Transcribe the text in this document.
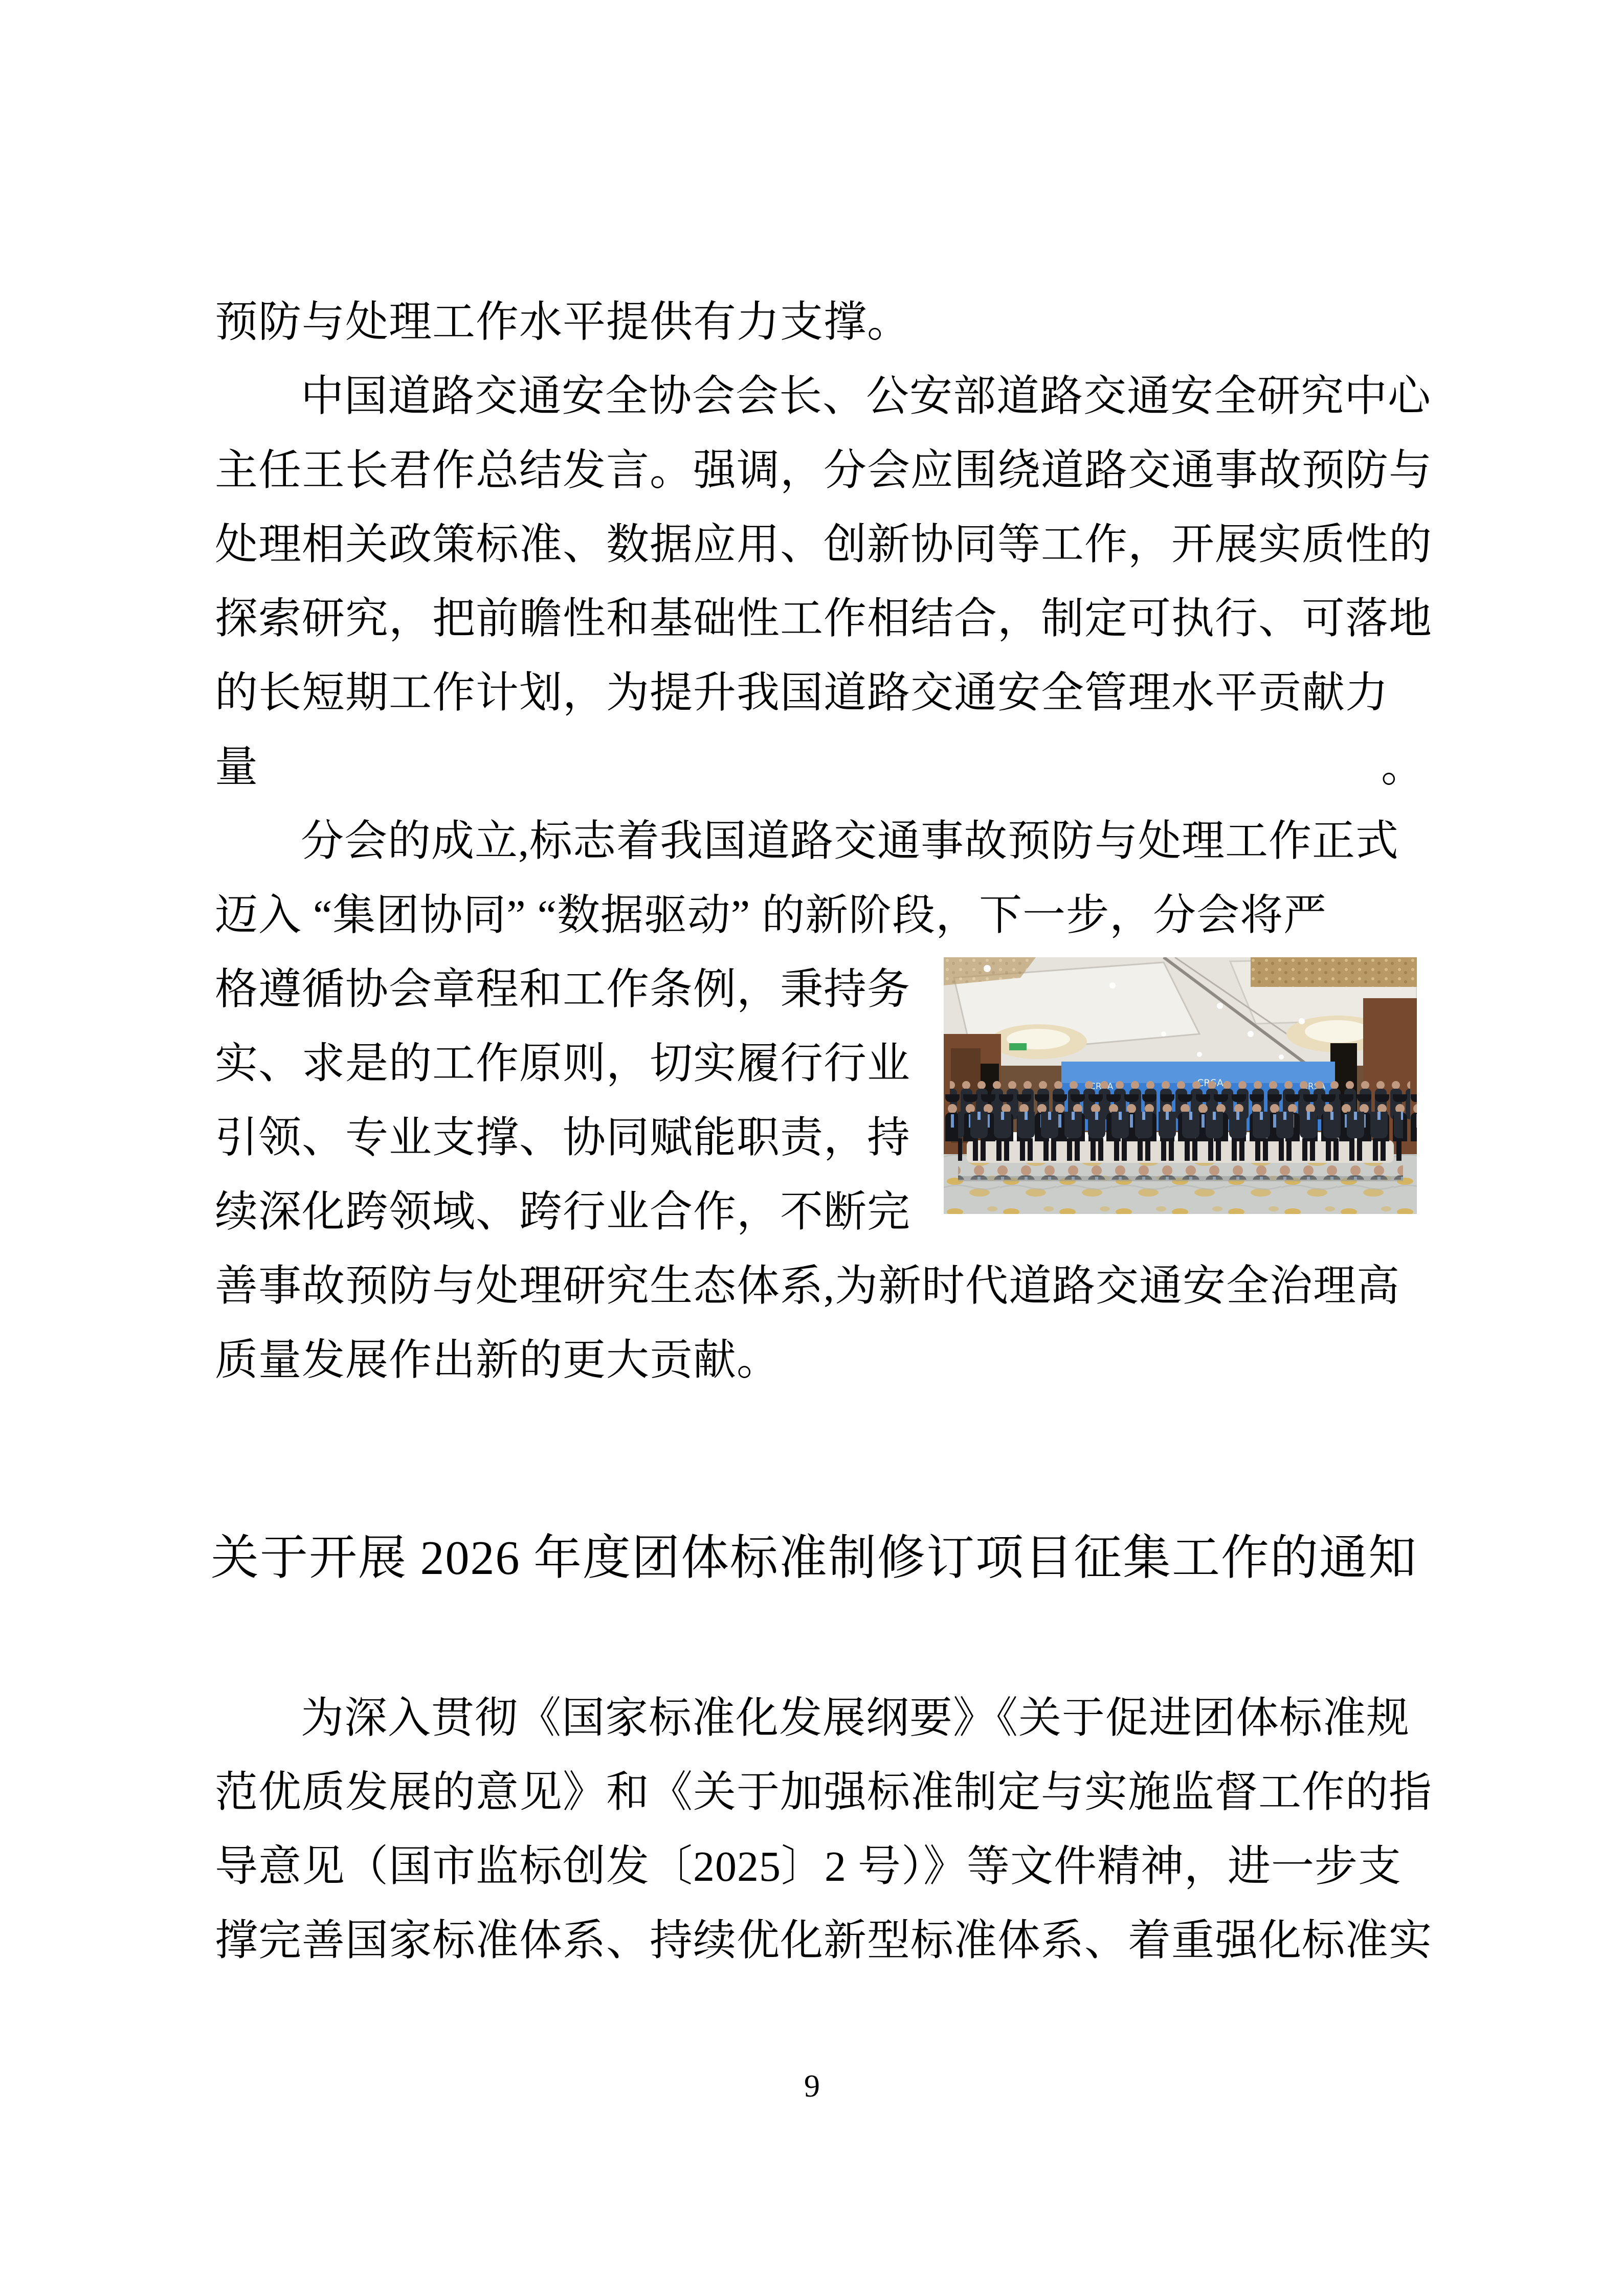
预防与处理工作水平提供有力支撑。

中国道路交通安全协会会长、公安部道路交通安全研究中心

主任王长君作总结发言。强调，分会应围绕道路交通事故预防与

处理相关政策标准、数据应用、创新协同等工作，开展实质性的

探索研究，把前瞻性和基础性工作相结合，制定可执行、可落地

的长短期工作计划，为提升我国道路交通安全管理水平贡献力

量	。

分会的成立,标志着我国道路交通事故预防与处理工作正式

迈入 “集团协同” “数据驱动” 的新阶段，下一步，分会将严

格遵循协会章程和工作条例，秉持务

实、求是的工作原则，切实履行行业

引领、专业支撑、协同赋能职责，持

续深化跨领域、跨行业合作，不断完

善事故预防与处理研究生态体系,为新时代道路交通安全治理高

质量发展作出新的更大贡献。

关于开展 2026 年度团体标准制修订项目征集工作的通知

为深入贯彻《国家标准化发展纲要》《关于促进团体标准规

范优质发展的意见》和《关于加强标准制定与实施监督工作的指

导意见（国市监标创发〔2025〕2 号）》等文件精神，进一步支

撑完善国家标准体系、持续优化新型标准体系、着重强化标准实

9
